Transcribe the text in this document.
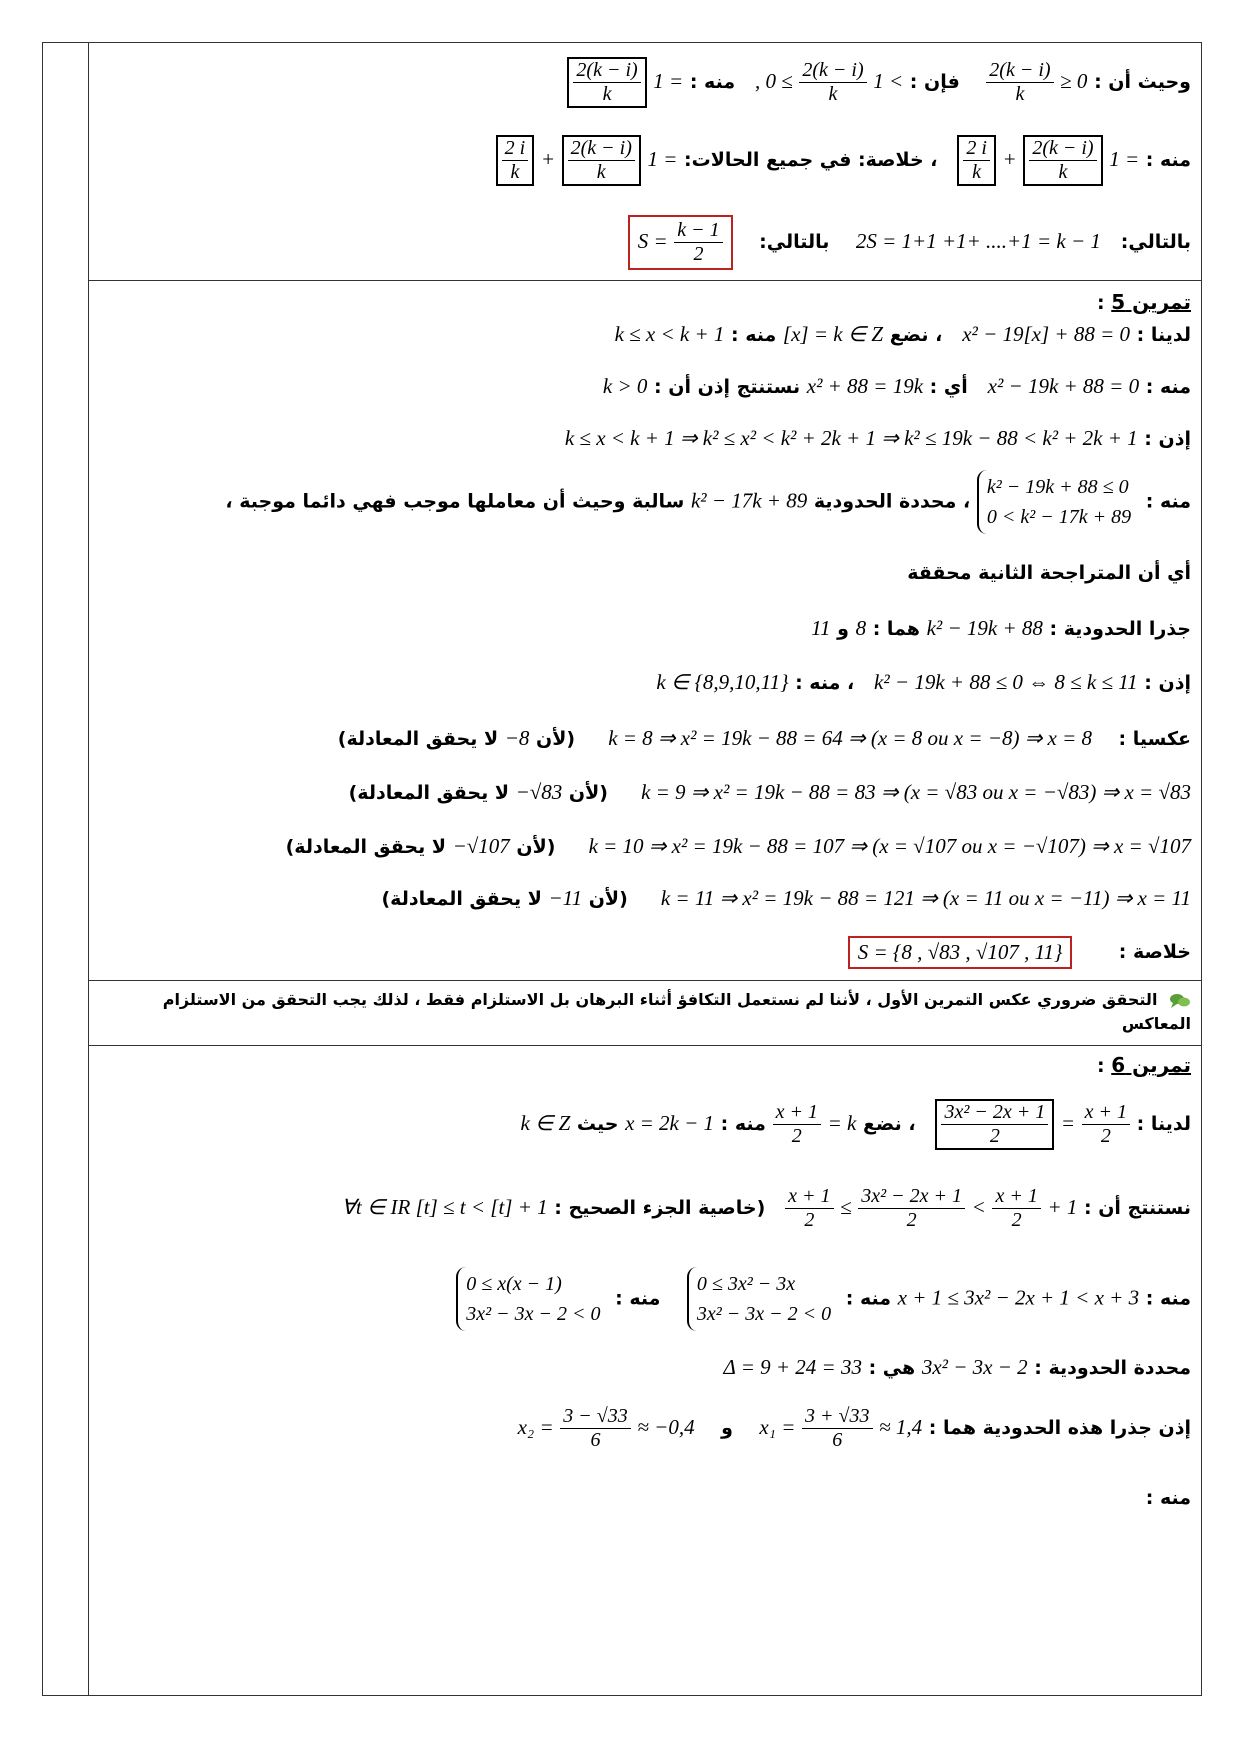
وحيث أن : ≥ 0
$\frac{2(k - i)}{k}$
فإن : 1 <
$\frac{2(k - i)}{k}$
, 0 ≤   منه : 1 =
$\frac{2(k - i)}{k}$
منه : 1 =
$\frac{2(k - i)}{k}$
+
$\frac{2 i}{k}$
، خلاصة: في جميع الحالات: 1 =
$\frac{2(k - i)}{k}$
+
$\frac{2 i}{k}$
بالتالي:   2S = 1+1 +1+ ....+1 = k − 1    بالتالي:    $S = \frac{k - 1}{2}$
تمرين 5 :
لدينا : x² − 19[x] + 88 = 0   ، نضع [x] = k ∈ Z منه : k ≤ x < k + 1
منه : x² − 19k + 88 = 0   أي : x² + 88 = 19k نستنتج إذن أن : k > 0
إذن : k ≤ x < k + 1 ⇒ k² ≤ x² < k² + 2k + 1 ⇒ k² ≤ 19k − 88 < k² + 2k + 1
منه : k² − 19k + 88 ≤ 0
0 < k² − 17k + 89 ، محددة الحدودية k² − 17k + 89 سالبة وحيث أن معاملها موجب فهي دائما موجبة ،
أي أن المتراجحة الثانية محققة
جذرا الحدودية : k² − 19k + 88 هما : 8 و 11
إذن : k² − 19k + 88 ≤ 0 ⇔ 8 ≤ k ≤ 11   ، منه : k ∈ {8,9,10,11}
عكسيا :    k = 8 ⇒ x² = 19k − 88 = 64 ⇒ (x = 8 ou x = −8) ⇒ x = 8     (لأن −8 لا يحقق المعادلة)
k = 9 ⇒ x² = 19k − 88 = 83 ⇒ (x = √83 ou x = −√83) ⇒ x = √83     (لأن −√83 لا يحقق المعادلة)
k = 10 ⇒ x² = 19k − 88 = 107 ⇒ (x = √107 ou x = −√107) ⇒ x = √107     (لأن −√107 لا يحقق المعادلة)
k = 11 ⇒ x² = 19k − 88 = 121 ⇒ (x = 11 ou x = −11) ⇒ x = 11     (لأن −11 لا يحقق المعادلة)
خلاصة :       S = {8 , √83 , √107 , 11}
التحقق ضروري عكس التمرين الأول ، لأننا لم نستعمل التكافؤ أثناء البرهان بل الاستلزام فقط ، لذلك يجب التحقق من الاستلزام المعاكس
تمرين 6 :
لدينا :
$\frac{x + 1}{2}$
=
$\frac{\text{3x² − 2x + 1}}{2}$
، نضع = k
$\frac{x + 1}{2}$
منه : x = 2k − 1 حيث k ∈ Z
نستنتج أن : + 1
$\frac{x + 1}{2}$
<
$\frac{\text{3x² − 2x + 1}}{2}$
≤
$\frac{x + 1}{2}$
(خاصية الجزء الصحيح : ∀t ∈ IR [t] ≤ t < [t] + 1
منه : x + 1 ≤ 3x² − 2x + 1 < x + 3 منه : 0 ≤ 3x² − 3x
3x² − 3x − 2 < 0    منه : 0 ≤ x(x − 1)
3x² − 3x − 2 < 0
محددة الحدودية : 3x² − 3x − 2 هي : Δ = 9 + 24 = 33
إذن جذرا هذه الحدودية هما : ≈ 1,4
$\frac{3 + √33}{6}$
x₁ =    و    ≈ −0,4
$\frac{3 - √33}{6}$
x₂ =
منه :
